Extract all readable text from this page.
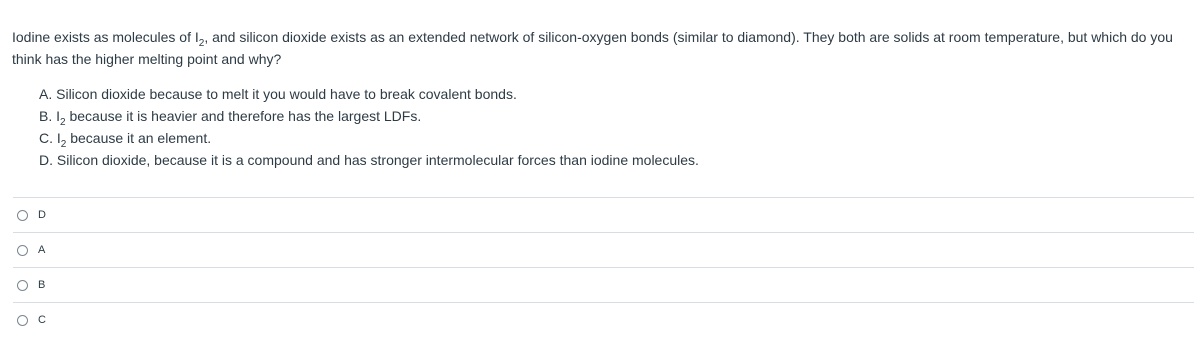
Iodine exists as molecules of $I_2$, and silicon dioxide exists as an extended network of silicon-oxygen bonds (similar to diamond). They both are solids at room temperature, but which do you think has the higher melting point and why?
A. Silicon dioxide because to melt it you would have to break covalent bonds.
B. $I_2$ because it is heavier and therefore has the largest LDFs.
C. $I_2$ because it an element.
D. Silicon dioxide, because it is a compound and has stronger intermolecular forces than iodine molecules.
D
A
B
C
